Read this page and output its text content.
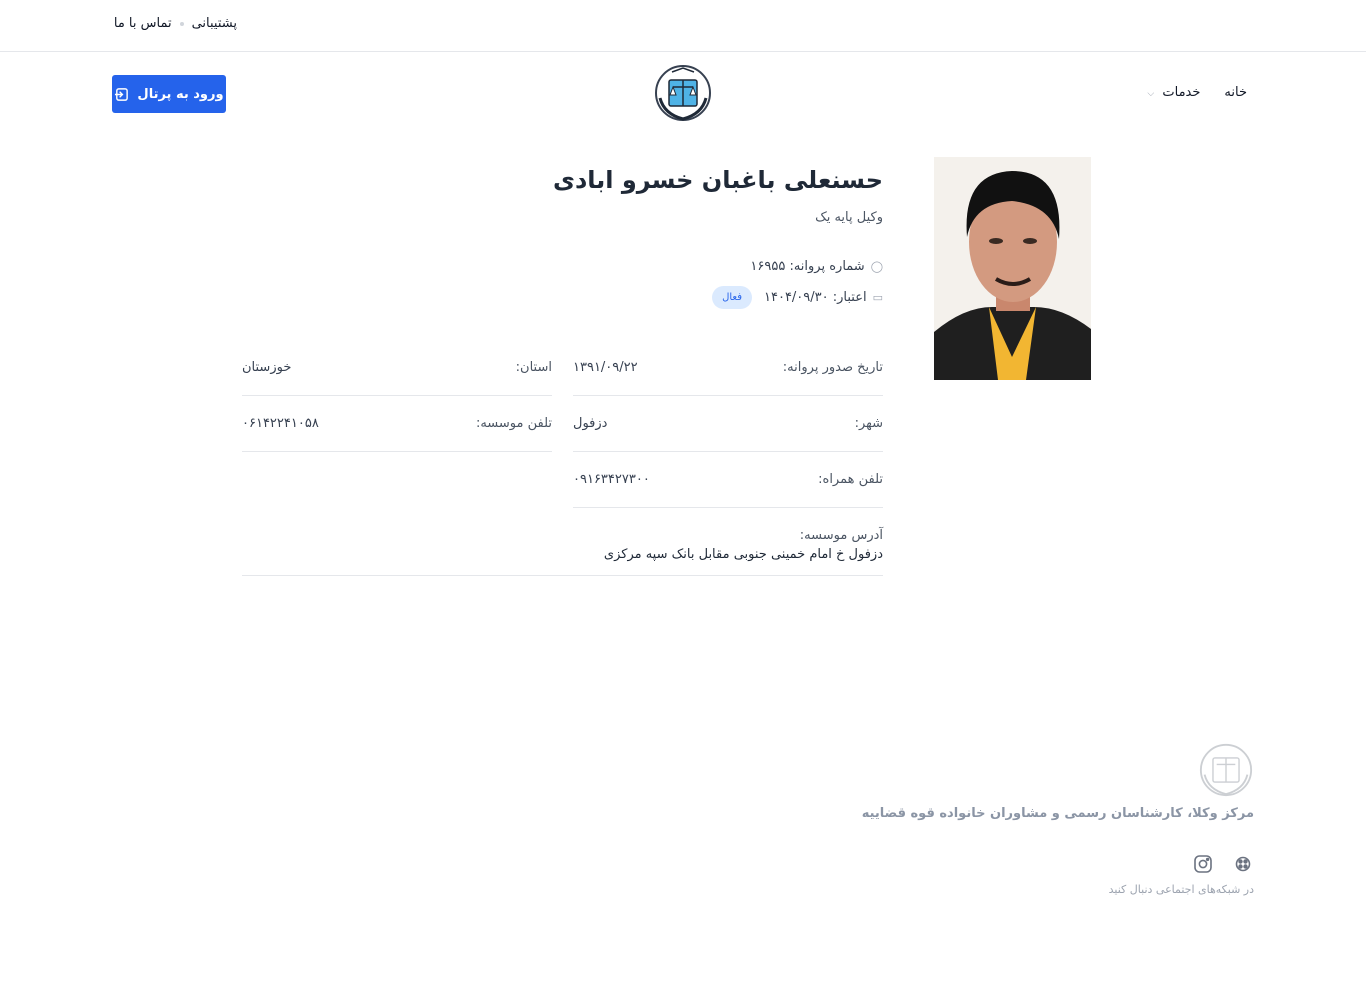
پشتیبانی
تماس با ما
خانه
خدمات ⌵
ورود به پرتال
حسنعلی باغبان خسرو ابادی
وکیل پایه یک
◯
شماره پروانه: ۱۶۹۵۵
▭
اعتبار: ۱۴۰۴/۰۹/۳۰
فعال
تاریخ صدور پروانه:
۱۳۹۱/۰۹/۲۲
استان:
خوزستان
شهر:
دزفول
تلفن موسسه:
۰۶۱۴۲۲۴۱۰۵۸
تلفن همراه:
۰۹۱۶۳۴۲۷۳۰۰
آدرس موسسه:
دزفول خ امام خمینی جنوبی مقابل بانک سپه مرکزی
مرکز وکلا، کارشناسان رسمی و مشاوران خانواده قوه قضاییه
در شبکه‌های اجتماعی دنبال کنید
